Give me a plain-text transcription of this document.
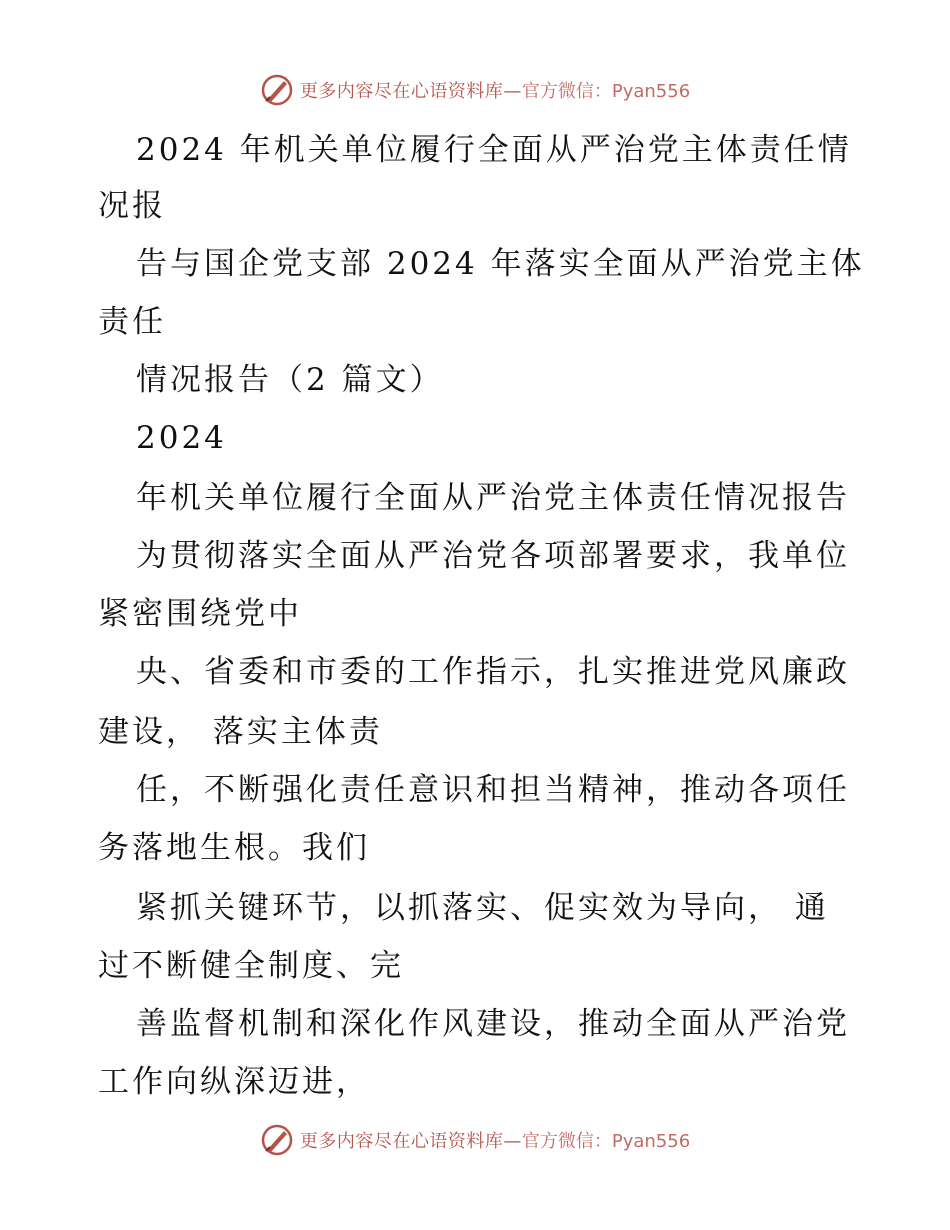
更多内容尽在心语资料库— 官方微信：Pyan556
2024 年机关单位履行全面从严治党主体责任情
况报
告与国企党支部 2024 年落实全面从严治党主体
责任
情况报告（2 篇文）
2024
年机关单位履行全面从严治党主体责任情况报告
为贯彻落实全面从严治党各项部署要求，我单位
紧密围绕党中
央、省委和市委的工作指示，扎实推进党风廉政
建设， 落实主体责
任，不断强化责任意识和担当精神，推动各项任
务落地生根。我们
紧抓关键环节，以抓落实、促实效为导向， 通
过不断健全制度、完
善监督机制和深化作风建设，推动全面从严治党
工作向纵深迈进，
更多内容尽在心语资料库— 官方微信：Pyan556
